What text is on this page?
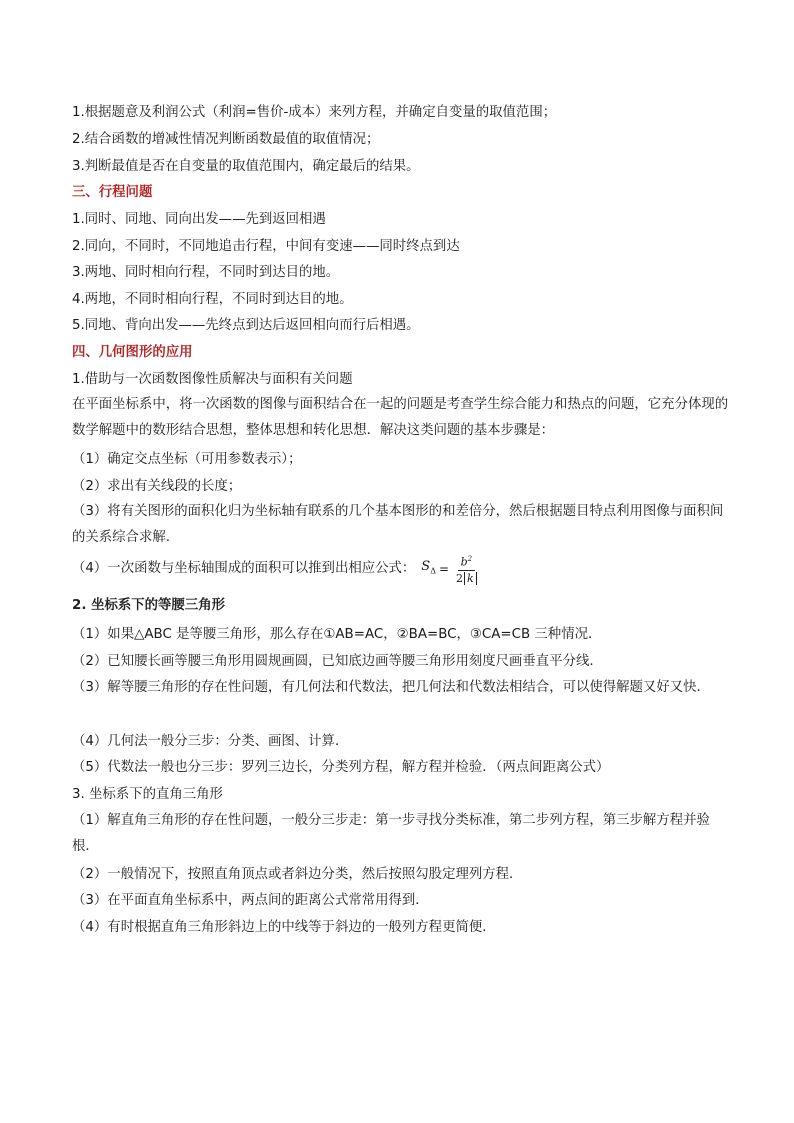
1.根据题意及利润公式（利润=售价-成本）来列方程，并确定自变量的取值范围；
2.结合函数的增减性情况判断函数最值的取值情况；
3.判断最值是否在自变量的取值范围内，确定最后的结果。
三、行程问题
1.同时、同地、同向出发——先到返回相遇
2.同向，不同时，不同地追击行程，中间有变速——同时终点到达
3.两地、同时相向行程，不同时到达目的地。
4.两地，不同时相向行程，不同时到达目的地。
5.同地、背向出发——先终点到达后返回相向而行后相遇。
四、几何图形的应用
1.借助与一次函数图像性质解决与面积有关问题
在平面坐标系中，将一次函数的图像与面积结合在一起的问题是考查学生综合能力和热点的问题，它充分体现的数学解题中的数形结合思想，整体思想和转化思想．解决这类问题的基本步骤是：
（1）确定交点坐标（可用参数表示）；
（2）求出有关线段的长度；
（3）将有关图形的面积化归为坐标轴有联系的几个基本图形的和差倍分，然后根据题目特点利用图像与面积间的关系综合求解.
（4）一次函数与坐标轴围成的面积可以推到出相应公式： $S_\Delta = \frac{b^2}{2 k}$
2. 坐标系下的等腰三角形
（1）如果△ABC 是等腰三角形，那么存在①AB=AC，②BA=BC，③CA=CB 三种情况．
（2）已知腰长画等腰三角形用圆规画圆，已知底边画等腰三角形用刻度尺画垂直平分线．
（3）解等腰三角形的存在性问题，有几何法和代数法，把几何法和代数法相结合，可以使得解题又好又快．
（4）几何法一般分三步：分类、画图、计算．
（5）代数法一般也分三步：罗列三边长，分类列方程，解方程并检验．（两点间距离公式）
3. 坐标系下的直角三角形
（1）解直角三角形的存在性问题，一般分三步走：第一步寻找分类标准，第二步列方程，第三步解方程并验根．
（2）一般情况下，按照直角顶点或者斜边分类，然后按照勾股定理列方程．
（3）在平面直角坐标系中，两点间的距离公式常常用得到．
（4）有时根据直角三角形斜边上的中线等于斜边的一般列方程更简便．
